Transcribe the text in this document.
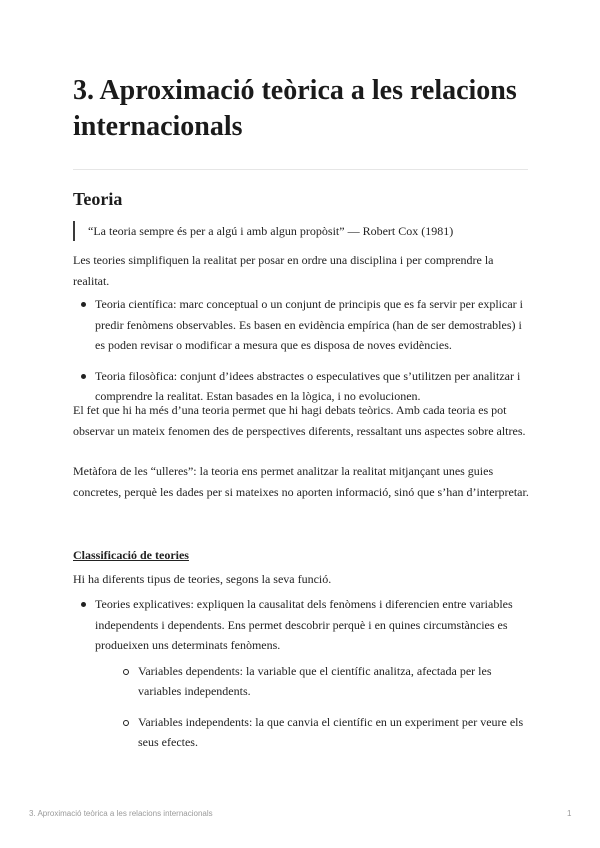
3. Aproximació teòrica a les relacions internacionals
Teoria
“La teoria sempre és per a algú i amb algun propòsit” — Robert Cox (1981)

Les teories simplifiquen la realitat per posar en ordre una disciplina i per comprendre la realitat.

Teoria científica: marc conceptual o un conjunt de principis que es fa servir per explicar i predir fenòmens observables. Es basen en evidència empírica (han de ser demostrables) i es poden revisar o modificar a mesura que es disposa de noves evidències.
Teoria filosòfica: conjunt d’idees abstractes o especulatives que s’utilitzen per analitzar i comprendre la realitat. Estan basades en la lògica, i no evolucionen.

El fet que hi ha més d’una teoria permet que hi hagi debats teòrics. Amb cada teoria es pot observar un mateix fenomen des de perspectives diferents, ressaltant uns aspectes sobre altres.

Metàfora de les “ulleres”: la teoria ens permet analitzar la realitat mitjançant unes guies concretes, perquè les dades per si mateixes no aporten informació, sinó que s’han d’interpretar.

Classificació de teories

Hi ha diferents tipus de teories, segons la seva funció.

Teories explicatives: expliquen la causalitat dels fenòmens i diferencien entre variables independents i dependents. Ens permet descobrir perquè i en quines circumstàncies es produeixen uns determinats fenòmens.
Variables dependents: la variable que el científic analitza, afectada per les variables independents.
Variables independents: la que canvia el científic en un experiment per veure els seus efectes.
3. Aproximació teòrica a les relacions internacionals	1
